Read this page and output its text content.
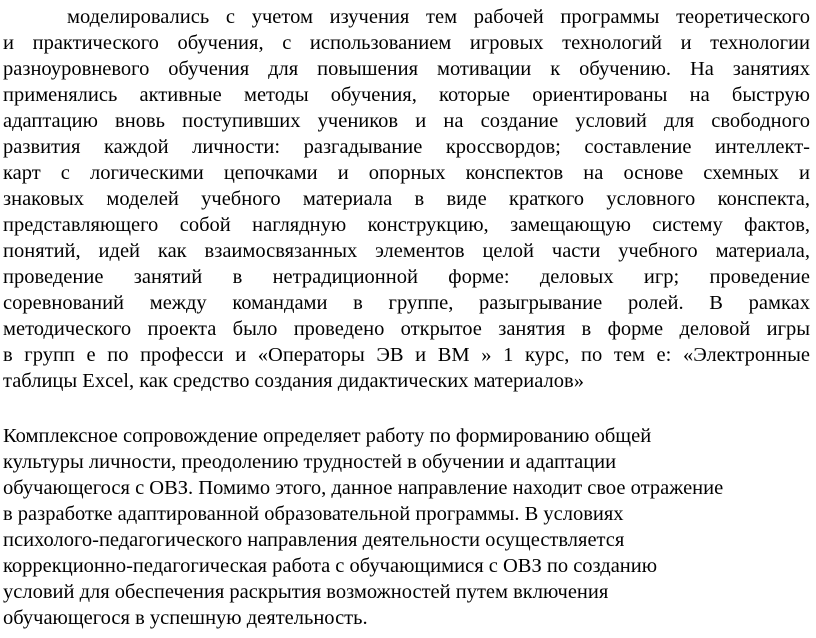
моделировались с учетом изучения тем рабочей программы теоретического
и практического обучения, с использованием игровых технологий и технологии
разноуровневого обучения для повышения мотивации к обучению. На занятиях
применялись активные методы обучения, которые ориентированы на быструю
адаптацию вновь поступивших учеников и на создание условий для свободного
развития каждой личности: разгадывание кроссвордов; составление интеллект-
карт с логическими цепочками и опорных конспектов на основе схемных и
знаковых моделей учебного материала в виде краткого условного конспекта,
представляющего собой наглядную конструкцию, замещающую систему фактов,
понятий, идей как взаимосвязанных элементов целой части учебного материала,
проведение занятий в нетрадиционной форме: деловых игр; проведение
соревнований между командами в группе, разыгрывание ролей. В рамках
методического проекта было проведено открытое занятия в форме деловой игры
в групп е по професси и «Операторы ЭВ и ВМ » 1 курс, по тем е: «Электронные
таблицы Excel, как средство создания дидактических материалов»
Комплексное сопровождение определяет работу по формированию общей
культуры личности, преодолению трудностей в обучении и адаптации
обучающегося с ОВЗ. Помимо этого, данное направление находит свое отражение
в разработке адаптированной образовательной программы. В условиях
психолого-педагогического направления деятельности осуществляется
коррекционно-педагогическая работа с обучающимися с ОВЗ по созданию
условий для обеспечения раскрытия возможностей путем включения
обучающегося в успешную деятельность.
